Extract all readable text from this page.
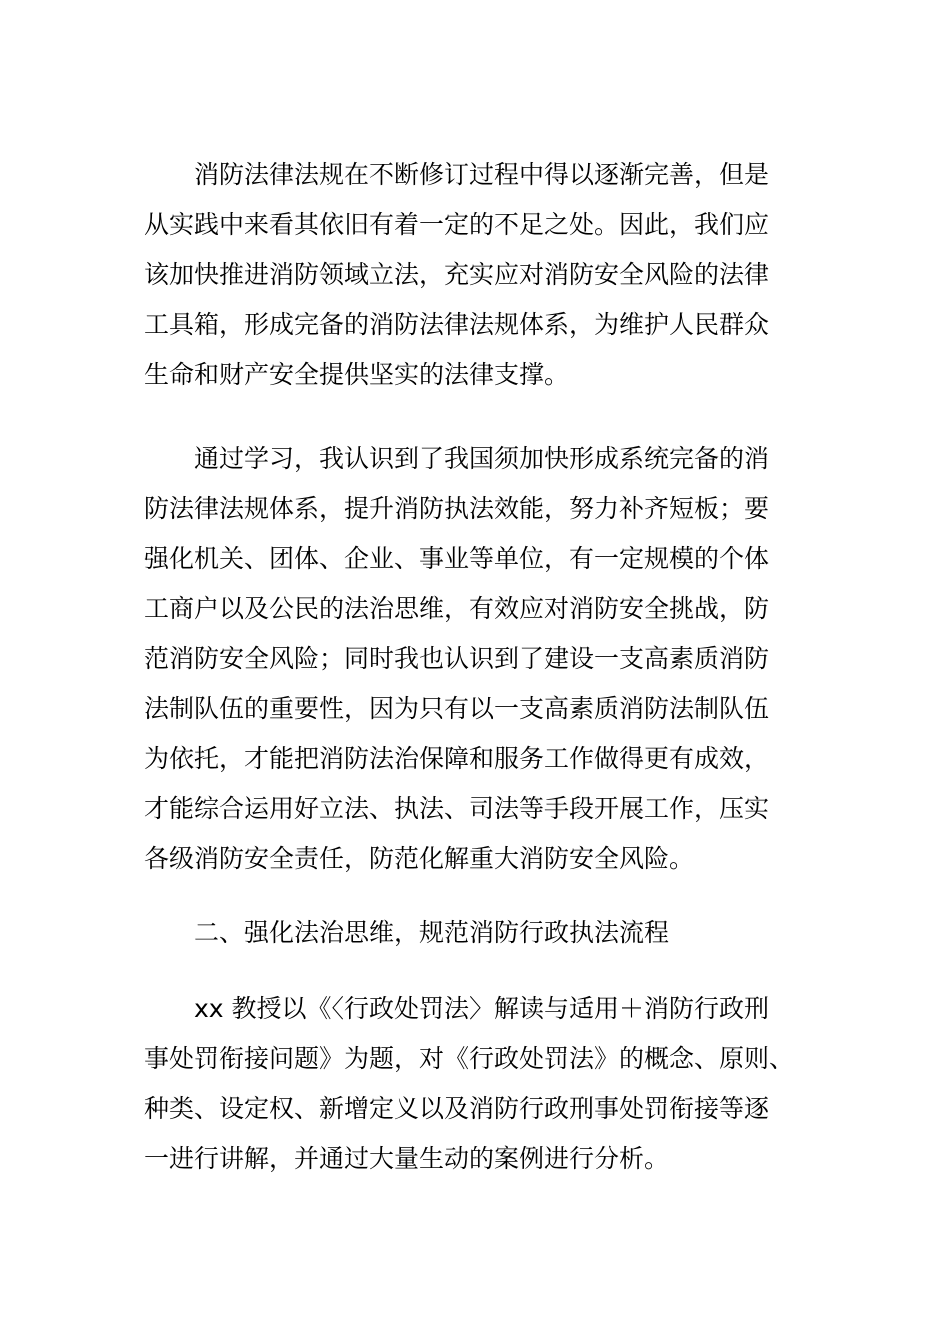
消防法律法规在不断修订过程中得以逐渐完善，但是
从实践中来看其依旧有着一定的不足之处。因此，我们应
该加快推进消防领域立法，充实应对消防安全风险的法律
工具箱，形成完备的消防法律法规体系，为维护人民群众
生命和财产安全提供坚实的法律支撑。

通过学习，我认识到了我国须加快形成系统完备的消
防法律法规体系，提升消防执法效能，努力补齐短板；要
强化机关、团体、企业、事业等单位，有一定规模的个体
工商户以及公民的法治思维，有效应对消防安全挑战，防
范消防安全风险；同时我也认识到了建设一支高素质消防
法制队伍的重要性，因为只有以一支高素质消防法制队伍
为依托，才能把消防法治保障和服务工作做得更有成效，
才能综合运用好立法、执法、司法等手段开展工作，压实
各级消防安全责任，防范化解重大消防安全风险。

二、强化法治思维，规范消防行政执法流程

xx 教授以《〈行政处罚法〉解读与适用＋消防行政刑
事处罚衔接问题》为题，对《行政处罚法》的概念、原则、
种类、设定权、新增定义以及消防行政刑事处罚衔接等逐
一进行讲解，并通过大量生动的案例进行分析。
